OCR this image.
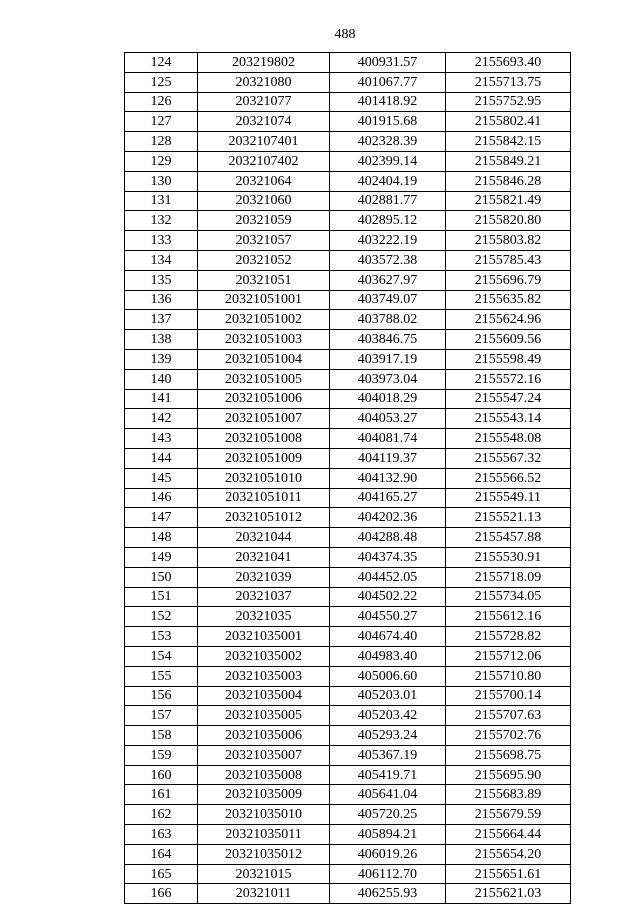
488
124	203219802	400931.57	2155693.40
125	20321080	401067.77	2155713.75
126	20321077	401418.92	2155752.95
127	20321074	401915.68	2155802.41
128	2032107401	402328.39	2155842.15
129	2032107402	402399.14	2155849.21
130	20321064	402404.19	2155846.28
131	20321060	402881.77	2155821.49
132	20321059	402895.12	2155820.80
133	20321057	403222.19	2155803.82
134	20321052	403572.38	2155785.43
135	20321051	403627.97	2155696.79
136	20321051001	403749.07	2155635.82
137	20321051002	403788.02	2155624.96
138	20321051003	403846.75	2155609.56
139	20321051004	403917.19	2155598.49
140	20321051005	403973.04	2155572.16
141	20321051006	404018.29	2155547.24
142	20321051007	404053.27	2155543.14
143	20321051008	404081.74	2155548.08
144	20321051009	404119.37	2155567.32
145	20321051010	404132.90	2155566.52
146	20321051011	404165.27	2155549.11
147	20321051012	404202.36	2155521.13
148	20321044	404288.48	2155457.88
149	20321041	404374.35	2155530.91
150	20321039	404452.05	2155718.09
151	20321037	404502.22	2155734.05
152	20321035	404550.27	2155612.16
153	20321035001	404674.40	2155728.82
154	20321035002	404983.40	2155712.06
155	20321035003	405006.60	2155710.80
156	20321035004	405203.01	2155700.14
157	20321035005	405203.42	2155707.63
158	20321035006	405293.24	2155702.76
159	20321035007	405367.19	2155698.75
160	20321035008	405419.71	2155695.90
161	20321035009	405641.04	2155683.89
162	20321035010	405720.25	2155679.59
163	20321035011	405894.21	2155664.44
164	20321035012	406019.26	2155654.20
165	20321015	406112.70	2155651.61
166	20321011	406255.93	2155621.03
